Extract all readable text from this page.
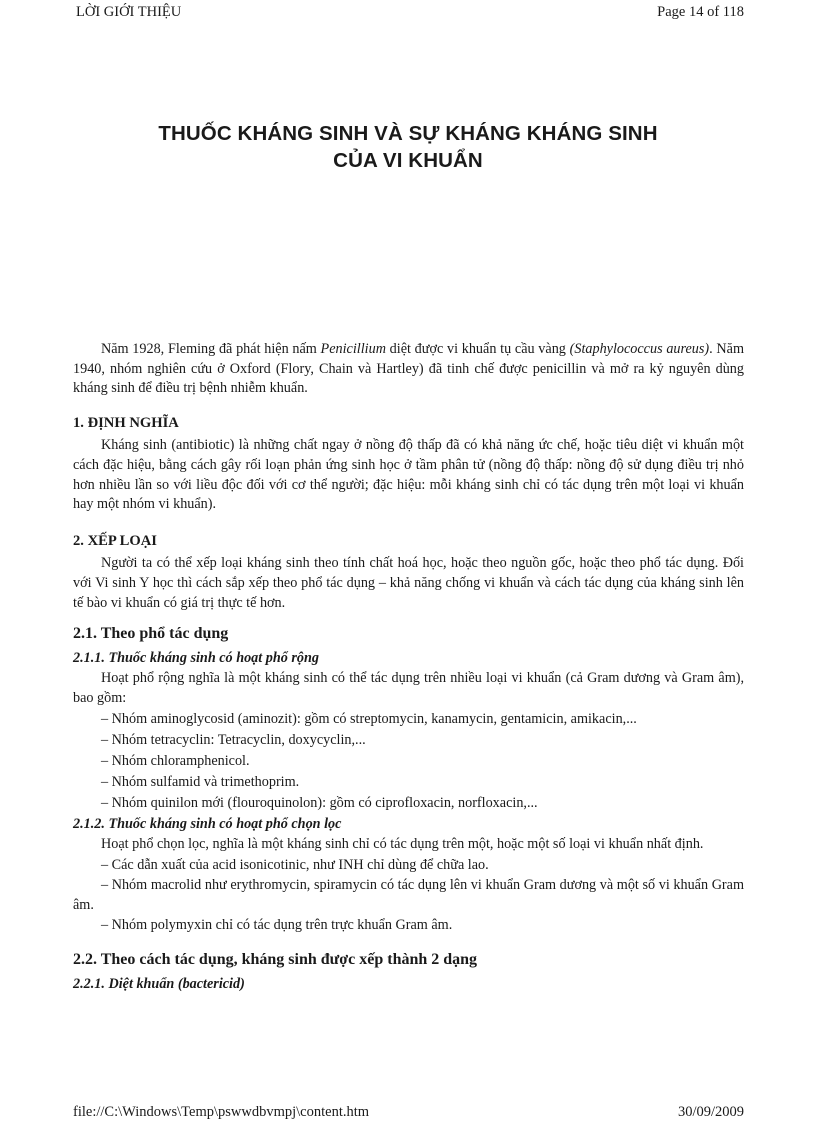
LỜI GIỚI THIỆU	Page 14 of 118
THUỐC KHÁNG SINH VÀ SỰ KHÁNG KHÁNG SINH
CỦA VI KHUẨN

Năm 1928, Fleming đã phát hiện nấm Penicillium diệt được vi khuẩn tụ cầu vàng (Staphylococcus aureus). Năm 1940, nhóm nghiên cứu ở Oxford (Flory, Chain và Hartley) đã tinh chế được penicillin và mở ra kỷ nguyên dùng kháng sinh để điều trị bệnh nhiễm khuẩn.

1. ĐỊNH NGHĨA

Kháng sinh (antibiotic) là những chất ngay ở nồng độ thấp đã có khả năng ức chế, hoặc tiêu diệt vi khuẩn một cách đặc hiệu, bằng cách gây rối loạn phản ứng sinh học ở tầm phân tử (nồng độ thấp: nồng độ sử dụng điều trị nhỏ hơn nhiều lần so với liều độc đối với cơ thể người; đặc hiệu: mỗi kháng sinh chỉ có tác dụng trên một loại vi khuẩn hay một nhóm vi khuẩn).

2. XẾP LOẠI

Người ta có thể xếp loại kháng sinh theo tính chất hoá học, hoặc theo nguồn gốc, hoặc theo phổ tác dụng. Đối với Vi sinh Y học thì cách sắp xếp theo phổ tác dụng – khả năng chống vi khuẩn và cách tác dụng của kháng sinh lên tế bào vi khuẩn có giá trị thực tế hơn.

2.1. Theo phổ tác dụng
2.1.1. Thuốc kháng sinh có hoạt phổ rộng

Hoạt phổ rộng nghĩa là một kháng sinh có thể tác dụng trên nhiều loại vi khuẩn (cả Gram dương và Gram âm), bao gồm:

– Nhóm aminoglycosid (aminozit): gồm có streptomycin, kanamycin, gentamicin, amikacin,...
– Nhóm tetracyclin: Tetracyclin, doxycyclin,...
– Nhóm chloramphenicol.
– Nhóm sulfamid và trimethoprim.
– Nhóm quinilon mới (flouroquinolon): gồm có ciprofloxacin, norfloxacin,...
2.1.2. Thuốc kháng sinh có hoạt phổ chọn lọc

Hoạt phổ chọn lọc, nghĩa là một kháng sinh chỉ có tác dụng trên một, hoặc một số loại vi khuẩn nhất định.

– Các dẫn xuất của acid isonicotinic, như INH chỉ dùng để chữa lao.
– Nhóm macrolid như erythromycin, spiramycin có tác dụng lên vi khuẩn Gram dương và một số vi khuẩn Gram âm.
– Nhóm polymyxin chỉ có tác dụng trên trực khuẩn Gram âm.
2.2. Theo cách tác dụng, kháng sinh được xếp thành 2 dạng
2.2.1. Diệt khuẩn (bactericid)
file://C:\Windows\Temp\pswwdbvmpj\content.htm	30/09/2009
